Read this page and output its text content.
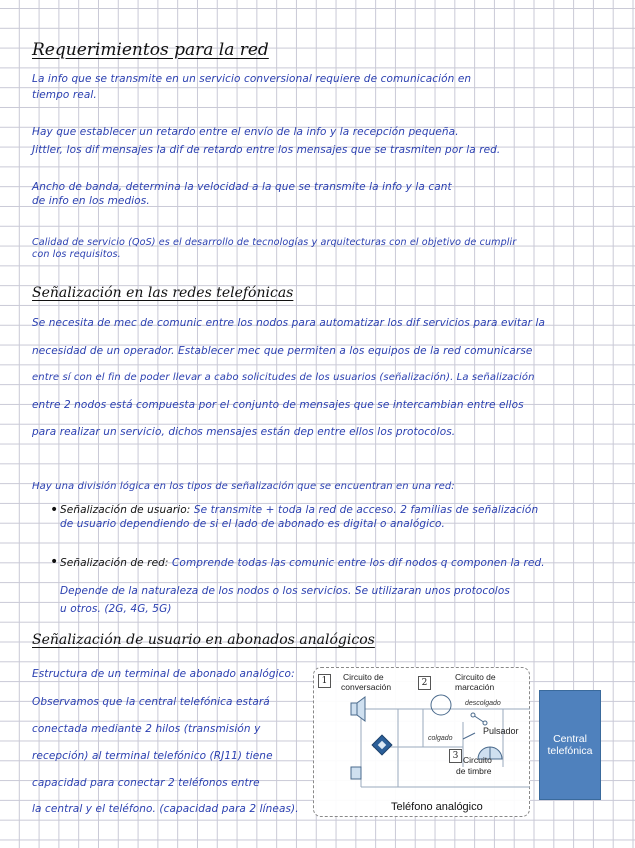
Requerimientos para la red
La info que se transmite en un servicio conversional requiere de comunicación en
tiempo real.
Hay que establecer un retardo entre el envío de la info y la recepción pequeña.
Jittler, los dif mensajes la dif de retardo entre los mensajes que se trasmiten por la red.
Ancho de banda, determina la velocidad a la que se transmite la info y la cant
de info en los medios.
Calidad de servicio (QoS) es el desarrollo de tecnologías y arquitecturas con el objetivo de cumplir
con los requisitos.
Señalización en las redes telefónicas
Se necesita de mec de comunic entre los nodos para automatizar los dif servicios para evitar la
necesidad de un operador. Establecer mec que permiten a los equipos de la red comunicarse
entre sí con el fin de poder llevar a cabo solicitudes de los usuarios (señalización). La señalización
entre 2 nodos está compuesta por el conjunto de mensajes que se intercambian entre ellos
para realizar un servicio, dichos mensajes están dep entre ellos los protocolos.
Hay una división lógica en los tipos de señalización que se encuentran en una red:
• Señalización de usuario: Se transmite + toda la red de acceso. 2 familias de señalización
de usuario dependiendo de si el lado de abonado es digital o analógico.
• Señalización de red: Comprende todas las comunic entre los dif nodos q componen la red.
Depende de la naturaleza de los nodos o los servicios. Se utilizaran unos protocolos
u otros. (2G, 4G, 5G)
Señalización de usuario en abonados analógicos
Estructura de un terminal de abonado analógico:
Observamos que la central telefónica estará
conectada mediante 2 hilos (transmisión y
recepción) al terminal telefónico (RJ11) tiene
capacidad para conectar 2 teléfonos entre
la central y el teléfono. (capacidad para 2 líneas).
1	Circuito de
conversación	2
Circuito de
marcación
descolgado
colgado
Pulsador
3 Circuito
de timbre
Teléfono analógico
Central
telefónica
